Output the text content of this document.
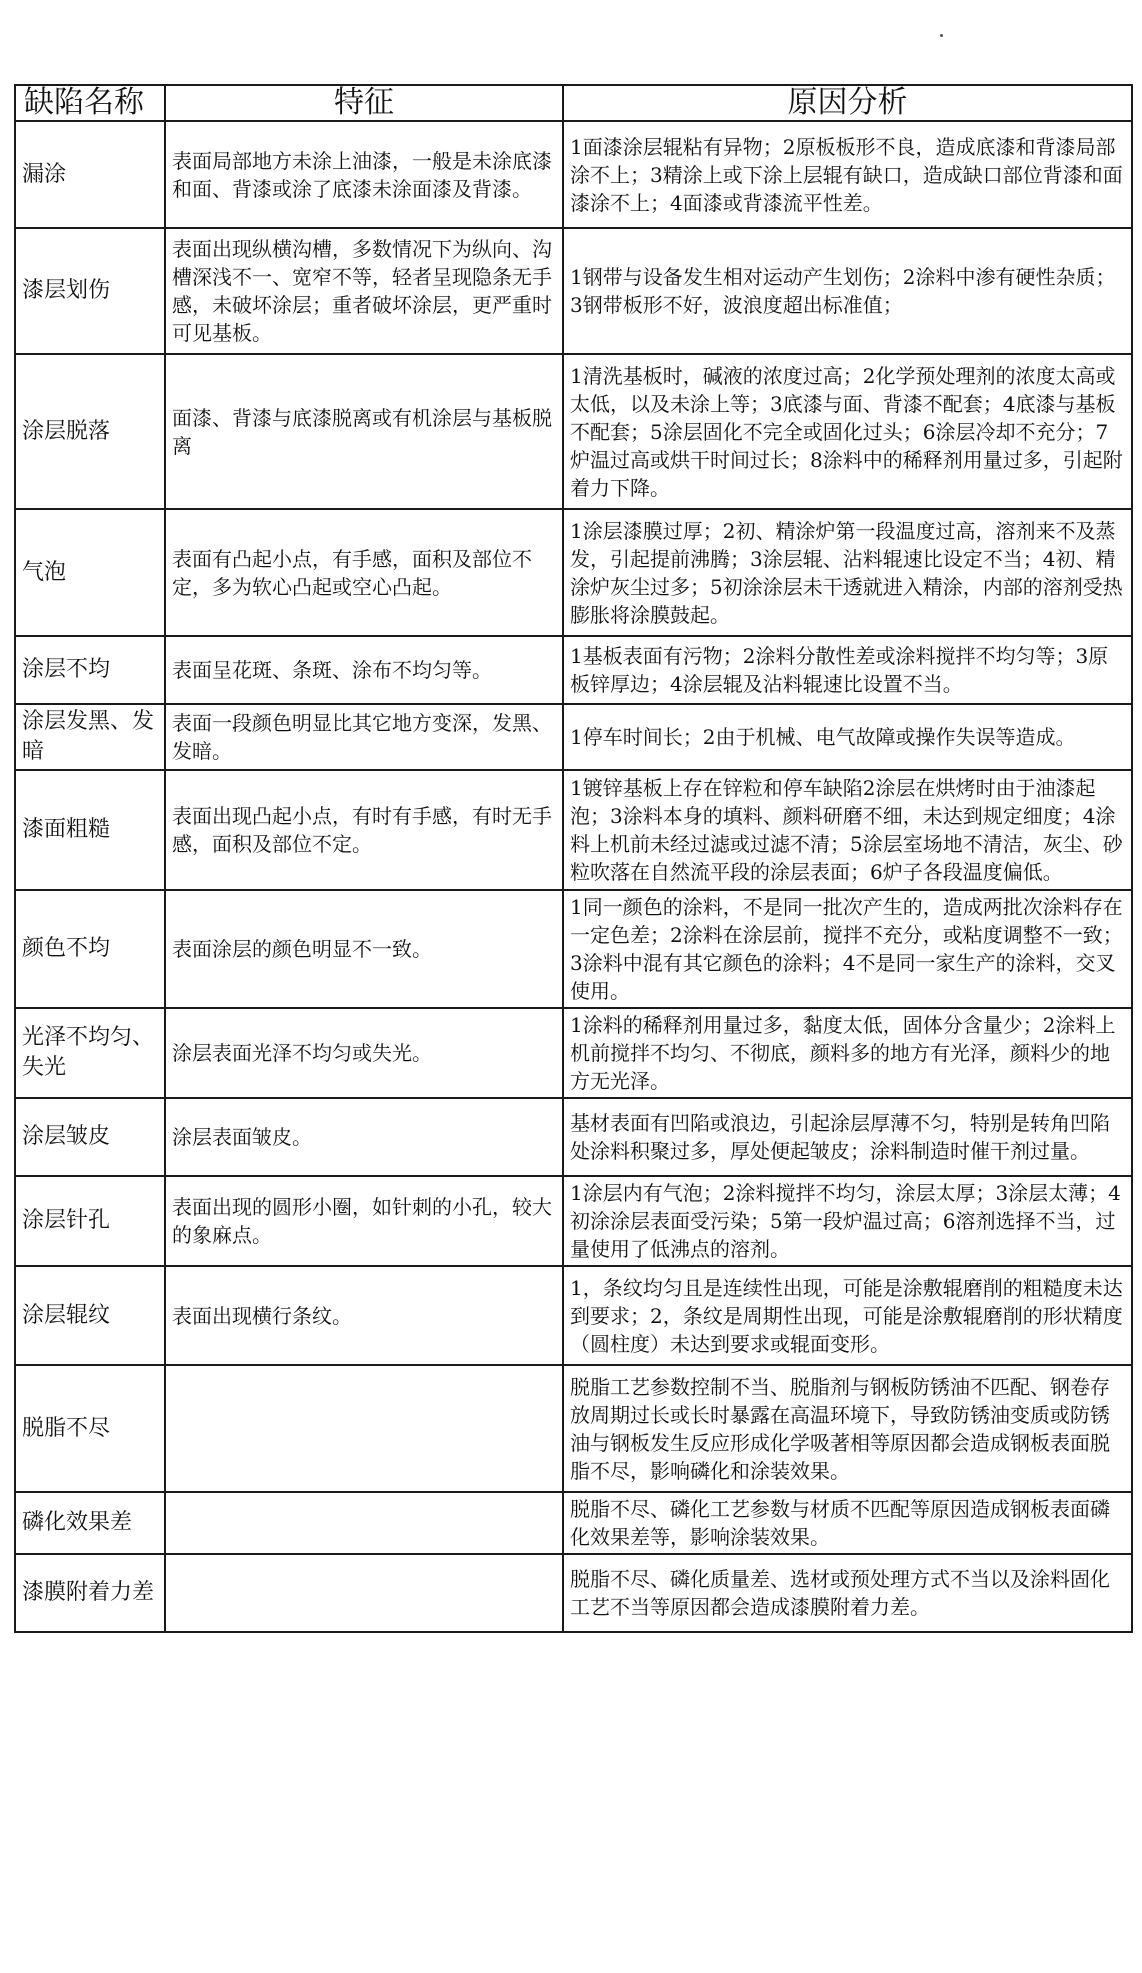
缺陷名称	特征	原因分析
漏涂	表面局部地方未涂上油漆，一般是未涂底漆和面、背漆或涂了底漆未涂面漆及背漆。	1面漆涂层辊粘有异物；2原板板形不良，造成底漆和背漆局部涂不上；3精涂上或下涂上层辊有缺口，造成缺口部位背漆和面漆涂不上；4面漆或背漆流平性差。
漆层划伤	表面出现纵横沟槽，多数情况下为纵向、沟槽深浅不一、宽窄不等，轻者呈现隐条无手感，未破坏涂层；重者破坏涂层，更严重时可见基板。	1钢带与设备发生相对运动产生划伤；2涂料中渗有硬性杂质；3钢带板形不好，波浪度超出标准值；
涂层脱落	面漆、背漆与底漆脱离或有机涂层与基板脱离	1清洗基板时，碱液的浓度过高；2化学预处理剂的浓度太高或太低，以及未涂上等；3底漆与面、背漆不配套；4底漆与基板不配套；5涂层固化不完全或固化过头；6涂层冷却不充分；7炉温过高或烘干时间过长；8涂料中的稀释剂用量过多，引起附着力下降。
气泡	表面有凸起小点，有手感，面积及部位不定，多为软心凸起或空心凸起。	1涂层漆膜过厚；2初、精涂炉第一段温度过高，溶剂来不及蒸发，引起提前沸腾；3涂层辊、沾料辊速比设定不当；4初、精涂炉灰尘过多；5初涂涂层未干透就进入精涂，内部的溶剂受热膨胀将涂膜鼓起。
涂层不均	表面呈花斑、条斑、涂布不均匀等。	1基板表面有污物；2涂料分散性差或涂料搅拌不均匀等；3原板锌厚边；4涂层辊及沾料辊速比设置不当。
涂层发黑、发暗	表面一段颜色明显比其它地方变深，发黑、发暗。	1停车时间长；2由于机械、电气故障或操作失误等造成。
漆面粗糙	表面出现凸起小点，有时有手感，有时无手感，面积及部位不定。	1镀锌基板上存在锌粒和停车缺陷2涂层在烘烤时由于油漆起泡；3涂料本身的填料、颜料研磨不细，未达到规定细度；4涂料上机前未经过滤或过滤不清；5涂层室场地不清洁，灰尘、砂粒吹落在自然流平段的涂层表面；6炉子各段温度偏低。
颜色不均	表面涂层的颜色明显不一致。	1同一颜色的涂料，不是同一批次产生的，造成两批次涂料存在一定色差；2涂料在涂层前，搅拌不充分，或粘度调整不一致；3涂料中混有其它颜色的涂料；4不是同一家生产的涂料，交叉使用。
光泽不均匀、失光	涂层表面光泽不均匀或失光。	1涂料的稀释剂用量过多，黏度太低，固体分含量少；2涂料上机前搅拌不均匀、不彻底，颜料多的地方有光泽，颜料少的地方无光泽。
涂层皱皮	涂层表面皱皮。	基材表面有凹陷或浪边，引起涂层厚薄不匀，特别是转角凹陷处涂料积聚过多，厚处便起皱皮；涂料制造时催干剂过量。
涂层针孔	表面出现的圆形小圈，如针刺的小孔，较大的象麻点。	1涂层内有气泡；2涂料搅拌不均匀，涂层太厚；3涂层太薄；4初涂涂层表面受污染；5第一段炉温过高；6溶剂选择不当，过量使用了低沸点的溶剂。
涂层辊纹	表面出现横行条纹。	1，条纹均匀且是连续性出现，可能是涂敷辊磨削的粗糙度未达到要求；2，条纹是周期性出现，可能是涂敷辊磨削的形状精度（圆柱度）未达到要求或辊面变形。
脱脂不尽		脱脂工艺参数控制不当、脱脂剂与钢板防锈油不匹配、钢卷存放周期过长或长时暴露在高温环境下，导致防锈油变质或防锈油与钢板发生反应形成化学吸著相等原因都会造成钢板表面脱脂不尽，影响磷化和涂装效果。
磷化效果差		脱脂不尽、磷化工艺参数与材质不匹配等原因造成钢板表面磷化效果差等，影响涂装效果。
漆膜附着力差		脱脂不尽、磷化质量差、选材或预处理方式不当以及涂料固化工艺不当等原因都会造成漆膜附着力差。
